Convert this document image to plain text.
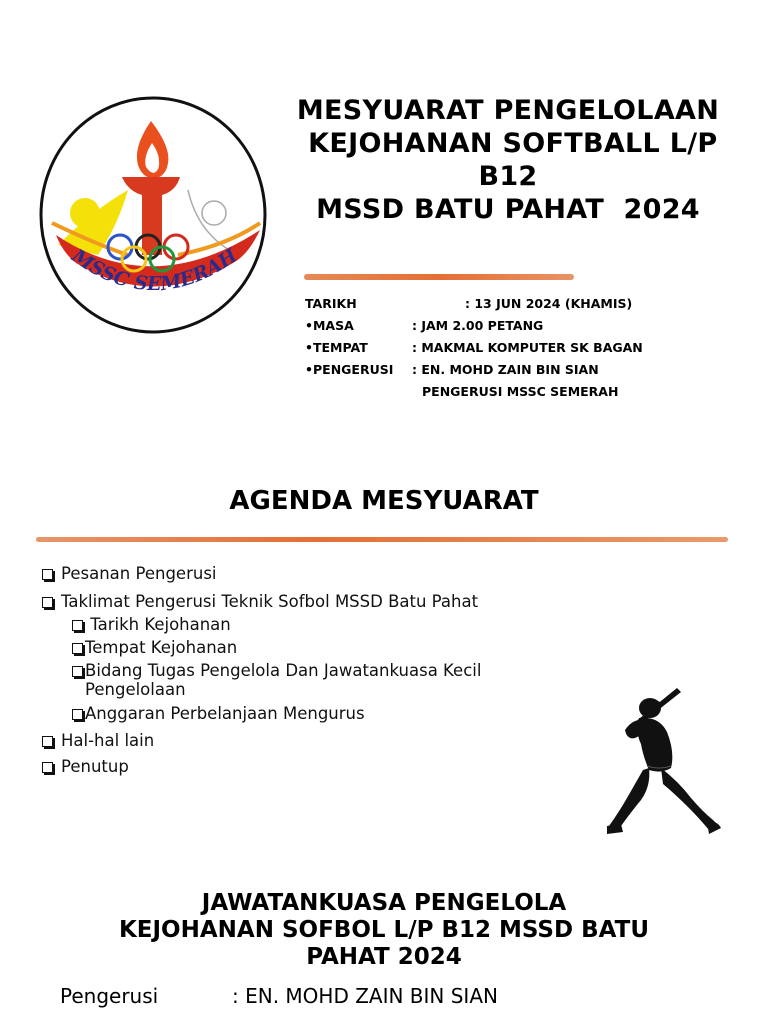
MSSC SEMERAH
MESYUARAT PENGELOLAAN
KEJOHANAN SOFTBALL L/P
B12
MSSD BATU PAHAT  2024
TARIKH	: 13 JUN 2024 (KHAMIS)
•MASA	: JAM 2.00 PETANG
•TEMPAT	: MAKMAL KOMPUTER SK BAGAN
•PENGERUSI : EN. MOHD ZAIN BIN SIAN
PENGERUSI MSSC SEMERAH
AGENDA MESYUARAT
Pesanan Pengerusi
Taklimat Pengerusi Teknik Sofbol MSSD Batu Pahat
Tarikh Kejohanan
Tempat Kejohanan
Bidang Tugas Pengelola Dan Jawatankuasa Kecil
Pengelolaan
Anggaran Perbelanjaan Mengurus
Hal-hal lain
Penutup
JAWATANKUASA PENGELOLA
KEJOHANAN SOFBOL L/P B12 MSSD BATU
PAHAT 2024
Pengerusi	: EN. MOHD ZAIN BIN SIAN
